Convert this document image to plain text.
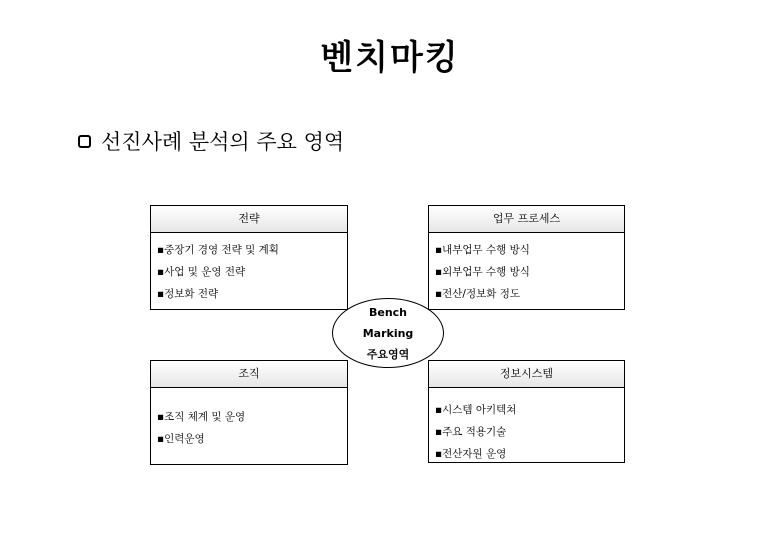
벤치마킹
선진사례 분석의 주요 영역
전략
▪중장기 경영 전략 및 계획
▪사업 및 운영 전략
▪정보화 전략
업무 프로세스
▪내부업무 수행 방식
▪외부업무 수행 방식
▪전산/정보화 정도
조직
▪조직 체계 및 운영
▪인력운영
정보시스템
▪시스템 아키텍쳐
▪주요 적용기술
▪전산자원 운영
Bench
Marking
주요영역
